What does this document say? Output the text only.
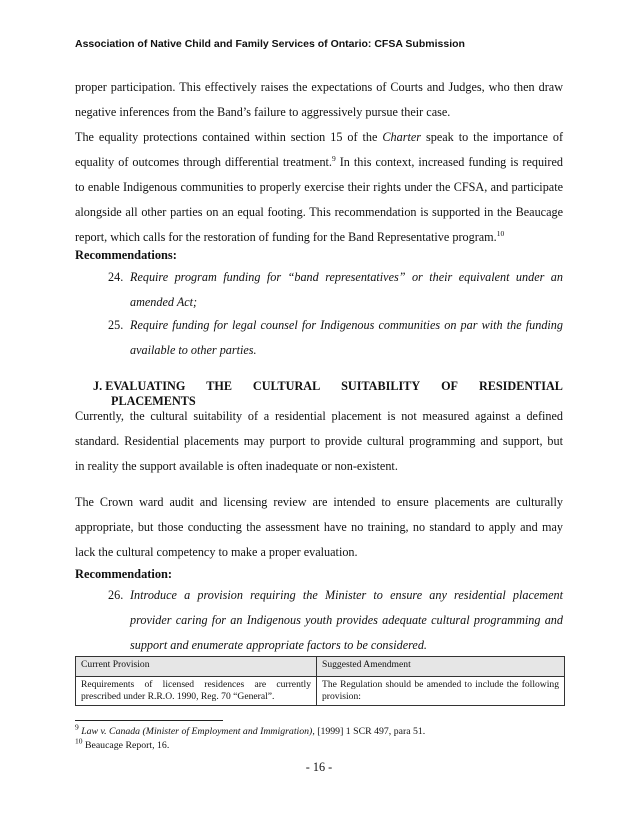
Association of Native Child and Family Services of Ontario: CFSA Submission
proper participation. This effectively raises the expectations of Courts and Judges, who then draw
negative inferences from the Band’s failure to aggressively pursue their case.
The equality protections contained within section 15 of the Charter speak to the importance of
equality of outcomes through differential treatment.$^9$ In this context, increased funding is required
to enable Indigenous communities to properly exercise their rights under the CFSA, and participate
alongside all other parties on an equal footing. This recommendation is supported in the Beaucage
report, which calls for the restoration of funding for the Band Representative program.$^{10}$
Recommendations:
24. Require program funding for “band representatives” or their equivalent under an
amended Act;
25. Require funding for legal counsel for Indigenous communities on par with the funding
available to other parties.
J. EVALUATING THE CULTURAL SUITABILITY OF RESIDENTIAL
PLACEMENTS
Currently, the cultural suitability of a residential placement is not measured against a defined
standard. Residential placements may purport to provide cultural programming and support, but
in reality the support available is often inadequate or non-existent.
The Crown ward audit and licensing review are intended to ensure placements are culturally
appropriate, but those conducting the assessment have no training, no standard to apply and may
lack the cultural competency to make a proper evaluation.
Recommendation:
26. Introduce a provision requiring the Minister to ensure any residential placement
provider caring for an Indigenous youth provides adequate cultural programming and
support and enumerate appropriate factors to be considered.
Current Provision	Suggested Amendment
Requirements of licensed residences are currently prescribed under R.R.O. 1990, Reg. 70 “General”.	The Regulation should be amended to include the following provision:
$^9$ Law v. Canada (Minister of Employment and Immigration), [1999] 1 SCR 497, para 51.
$^{10}$ Beaucage Report, 16.
- 16 -
